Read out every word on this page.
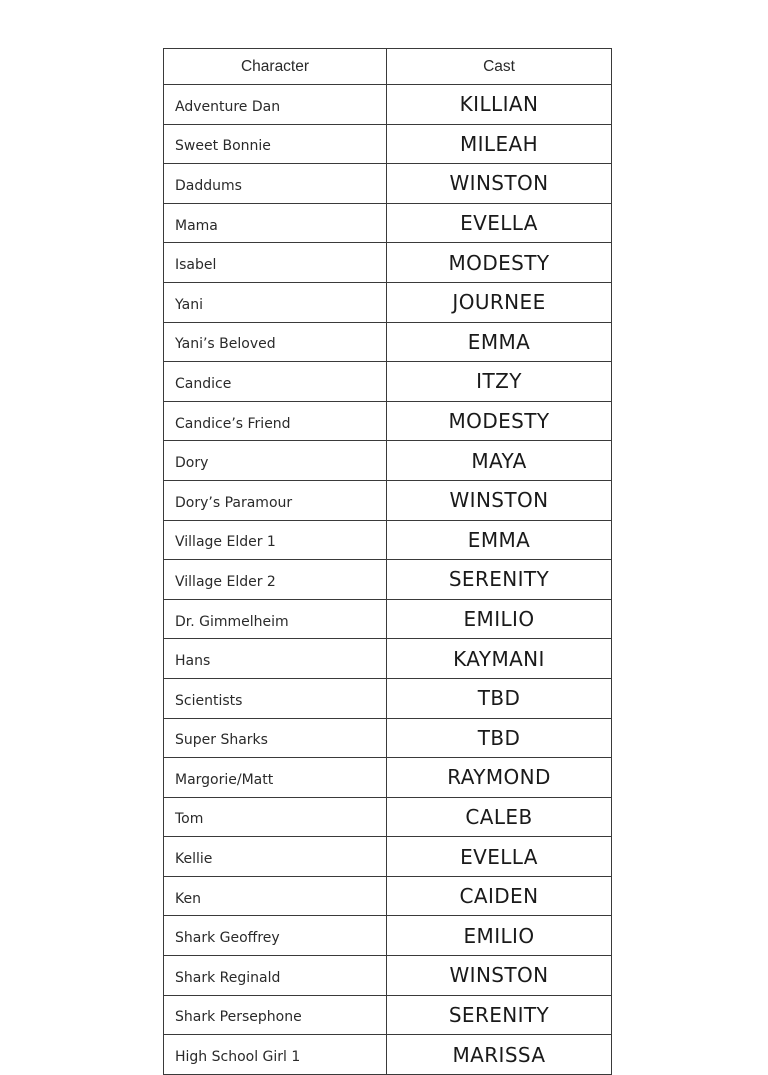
Character	Cast
Adventure Dan	KILLIAN
Sweet Bonnie	MILEAH
Daddums	WINSTON
Mama	EVELLA
Isabel	MODESTY
Yani	JOURNEE
Yani’s Beloved	EMMA
Candice	ITZY
Candice’s Friend	MODESTY
Dory	MAYA
Dory’s Paramour	WINSTON
Village Elder 1	EMMA
Village Elder 2	SERENITY
Dr. Gimmelheim	EMILIO
Hans	KAYMANI
Scientists	TBD
Super Sharks	TBD
Margorie/Matt	RAYMOND
Tom	CALEB
Kellie	EVELLA
Ken	CAIDEN
Shark Geoffrey	EMILIO
Shark Reginald	WINSTON
Shark Persephone	SERENITY
High School Girl 1	MARISSA
